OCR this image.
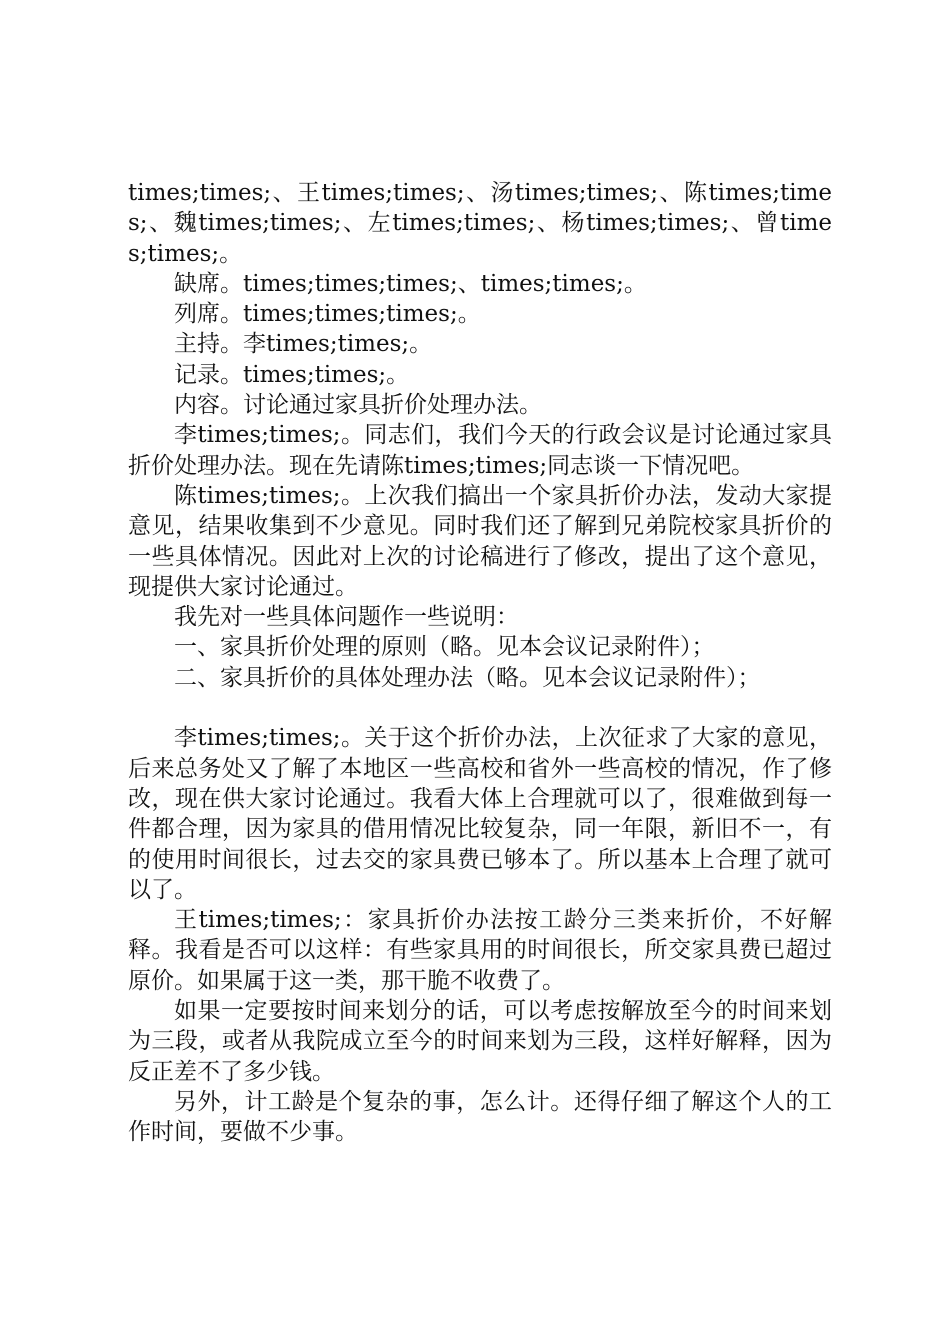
times;times;、王times;times;、汤times;times;、陈times;times;、魏times;times;、左times;times;、杨times;times;、曾times;times;。

缺席。times;times;times;、times;times;。

列席。times;times;times;。

主持。李times;times;。

记录。times;times;。

内容。讨论通过家具折价处理办法。

李times;times;。同志们，我们今天的行政会议是讨论通过家具折价处理办法。现在先请陈times;times;同志谈一下情况吧。

陈times;times;。上次我们搞出一个家具折价办法，发动大家提意见，结果收集到不少意见。同时我们还了解到兄弟院校家具折价的一些具体情况。因此对上次的讨论稿进行了修改，提出了这个意见，现提供大家讨论通过。

我先对一些具体问题作一些说明：

一、家具折价处理的原则（略。见本会议记录附件）；

二、家具折价的具体处理办法（略。见本会议记录附件）；

李times;times;。关于这个折价办法，上次征求了大家的意见，后来总务处又了解了本地区一些高校和省外一些高校的情况，作了修改，现在供大家讨论通过。我看大体上合理就可以了，很难做到每一件都合理，因为家具的借用情况比较复杂，同一年限，新旧不一，有的使用时间很长，过去交的家具费已够本了。所以基本上合理了就可以了。

王times;times;：家具折价办法按工龄分三类来折价，不好解释。我看是否可以这样：有些家具用的时间很长，所交家具费已超过原价。如果属于这一类，那干脆不收费了。

如果一定要按时间来划分的话，可以考虑按解放至今的时间来划为三段，或者从我院成立至今的时间来划为三段，这样好解释，因为反正差不了多少钱。

另外，计工龄是个复杂的事，怎么计。还得仔细了解这个人的工作时间，要做不少事。
